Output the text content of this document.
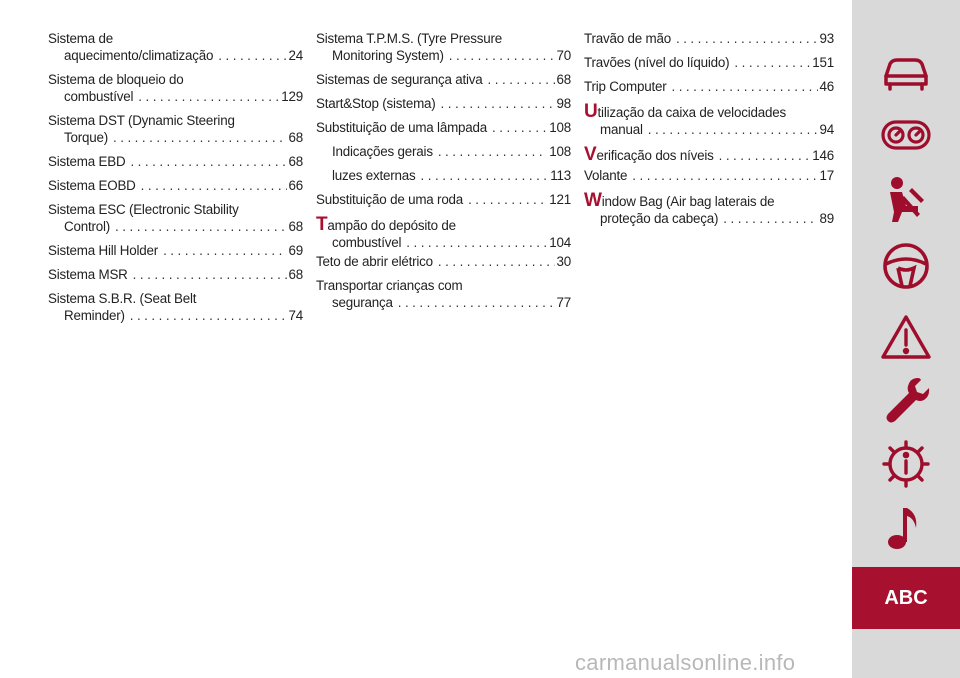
Sistema de
aquecimento/climatização .....	24
Sistema de bloqueio do
combustível .....	129
Sistema DST (Dynamic Steering
Torque) .....	68
Sistema EBD .....	68
Sistema EOBD .....	66
Sistema ESC (Electronic Stability
Control) .....	68
Sistema Hill Holder .....	69
Sistema MSR .....	68
Sistema S.B.R. (Seat Belt
Reminder) .....	74
Sistema T.P.M.S. (Tyre Pressure
Monitoring System) .....	70
Sistemas de segurança ativa .....	68
Start&Stop (sistema) .....	98
Substituição de uma lâmpada .....	108
Indicações gerais .....	108
luzes externas .....	113
Substituição de uma roda .....	121
Tampão do depósito de
combustível .....	104
Teto de abrir elétrico .....	30
Transportar crianças com
segurança .....	77
Travão de mão .....	93
Travões (nível do líquido) .....	151
Trip Computer .....	46
Utilização da caixa de velocidades
manual .....	94
Verificação dos níveis .....	146
Volante .....	17
Window Bag (Air bag laterais de
proteção da cabeça) .....	89
ABC
carmanualsonline.info
